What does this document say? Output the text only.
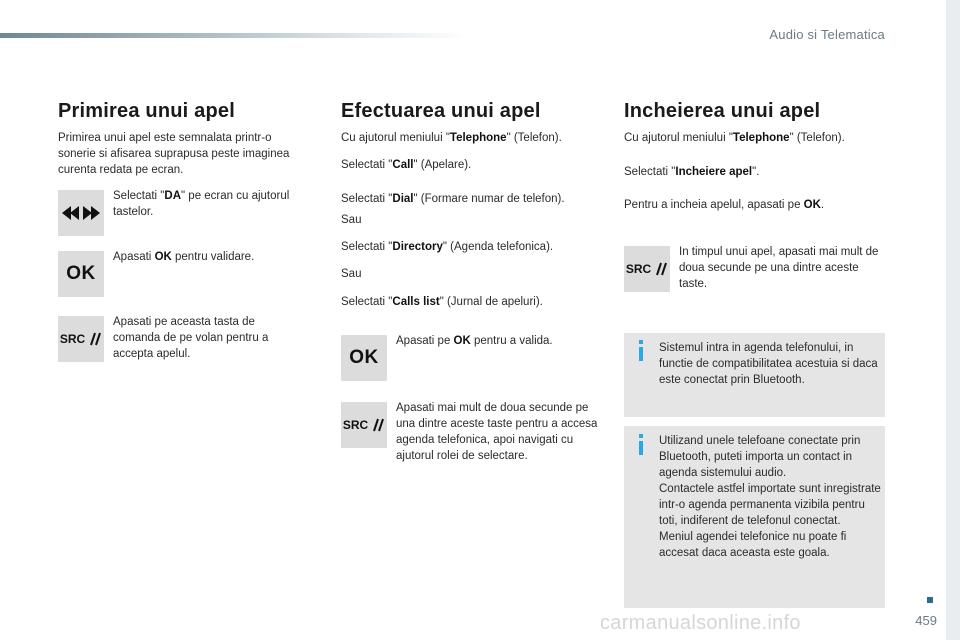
Audio si Telematica
459
carmanualsonline.info
Primirea unui apel
Primirea unui apel este semnalata printr-o sonerie si afisarea suprapusa peste imaginea curenta redata pe ecran.
Selectati "DA" pe ecran cu ajutorul tastelor.
OK
Apasati OK pentru validare.
SRC
Apasati pe aceasta tasta de comanda de pe volan pentru a accepta apelul.
Efectuarea unui apel
Cu ajutorul meniului "Telephone" (Telefon).
Selectati "Call" (Apelare).
Selectati "Dial" (Formare numar de telefon).
Sau
Selectati "Directory" (Agenda telefonica).
Sau
Selectati "Calls list" (Jurnal de apeluri).
OK
Apasati pe OK pentru a valida.
SRC
Apasati mai mult de doua secunde pe una dintre aceste taste pentru a accesa agenda telefonica, apoi navigati cu ajutorul rolei de selectare.
Incheierea unui apel
Cu ajutorul meniului "Telephone" (Telefon).
Selectati "Incheiere apel".
Pentru a incheia apelul, apasati pe OK.
SRC
In timpul unui apel, apasati mai mult de doua secunde pe una dintre aceste taste.
Sistemul intra in agenda telefonului, in functie de compatibilitatea acestuia si daca este conectat prin Bluetooth.
Utilizand unele telefoane conectate prin Bluetooth, puteti importa un contact in agenda sistemului audio.
Contactele astfel importate sunt inregistrate intr-o agenda permanenta vizibila pentru toti, indiferent de telefonul conectat.
Meniul agendei telefonice nu poate fi accesat daca aceasta este goala.
